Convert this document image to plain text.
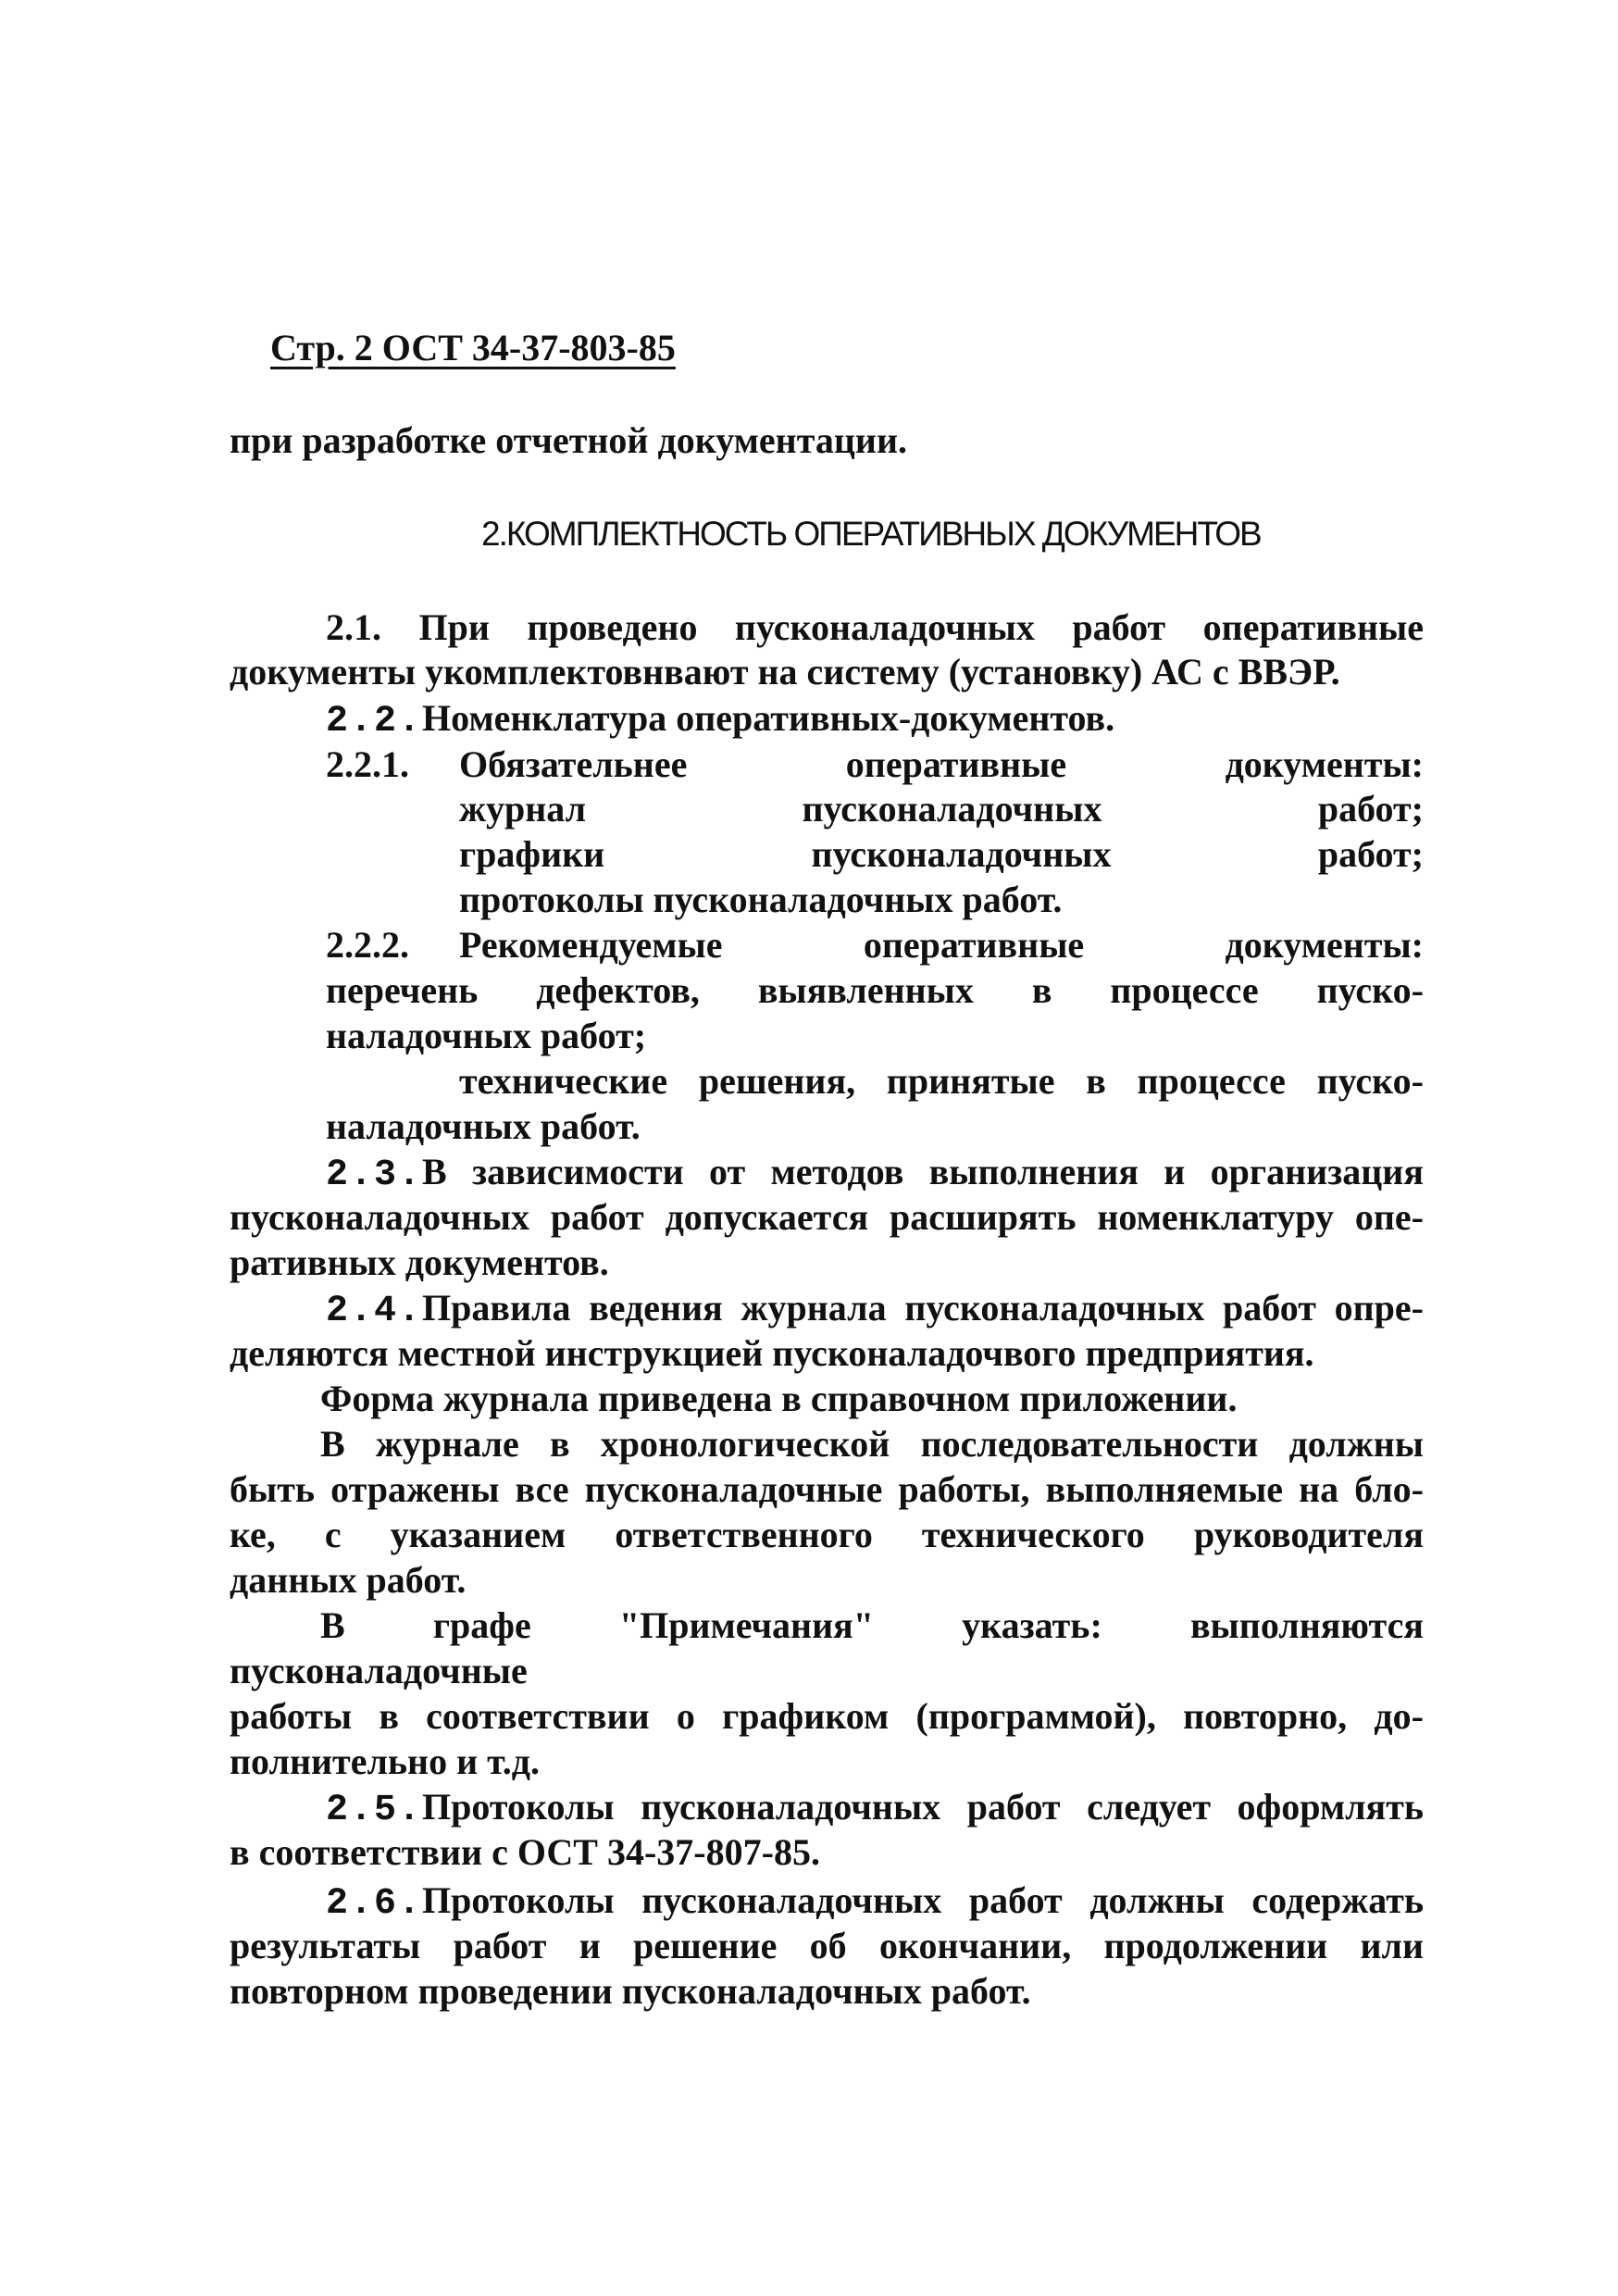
Стр. 2 ОСТ 34-37-803-85
при разработке отчетной документации.
2.КОМПЛЕКТНОСТЬ ОПЕРАТИВНЫХ ДОКУМЕНТОВ
2.1. При проведено пусконаладочных работ оперативные
документы укомплектовнвают на систему (установку) АС с ВВЭР.
2.2.Номенклатура оперативных-документов.
2.2.1. Обязательнее оперативные документы:
журнал пусконаладочных работ;
графики пусконаладочных работ;
протоколы пусконаладочных работ.
2.2.2. Рекомендуемые оперативные документы:
перечень дефектов, выявленных в процессе пуско-
наладочных работ;
технические решения, принятые в процессе пуско-
наладочных работ.
2.3.В зависимости от методов выполнения и организация
пусконаладочных работ допускается расширять номенклатуру опе-
ративных документов.
2.4.Правила ведения журнала пусконаладочных работ опре-
деляются местной инструкцией пусконаладочвого предприятия.
Форма журнала приведена в справочном приложении.
В журнале в хронологической последовательности должны
быть отражены все пусконаладочные работы, выполняемые на бло-
ке, с указанием ответственного технического руководителя
данных работ.
В графе "Примечания" указать: выполняются
пусконаладочные
работы в соответствии о графиком (программой), повторно, до-
полнительно и т.д.
2.5.Протоколы пусконаладочных работ следует оформлять
в соответствии с ОСТ 34-37-807-85.
2.6.Протоколы пусконаладочных работ должны содержать
результаты работ и решение об окончании, продолжении или
повторном проведении пусконаладочных работ.
